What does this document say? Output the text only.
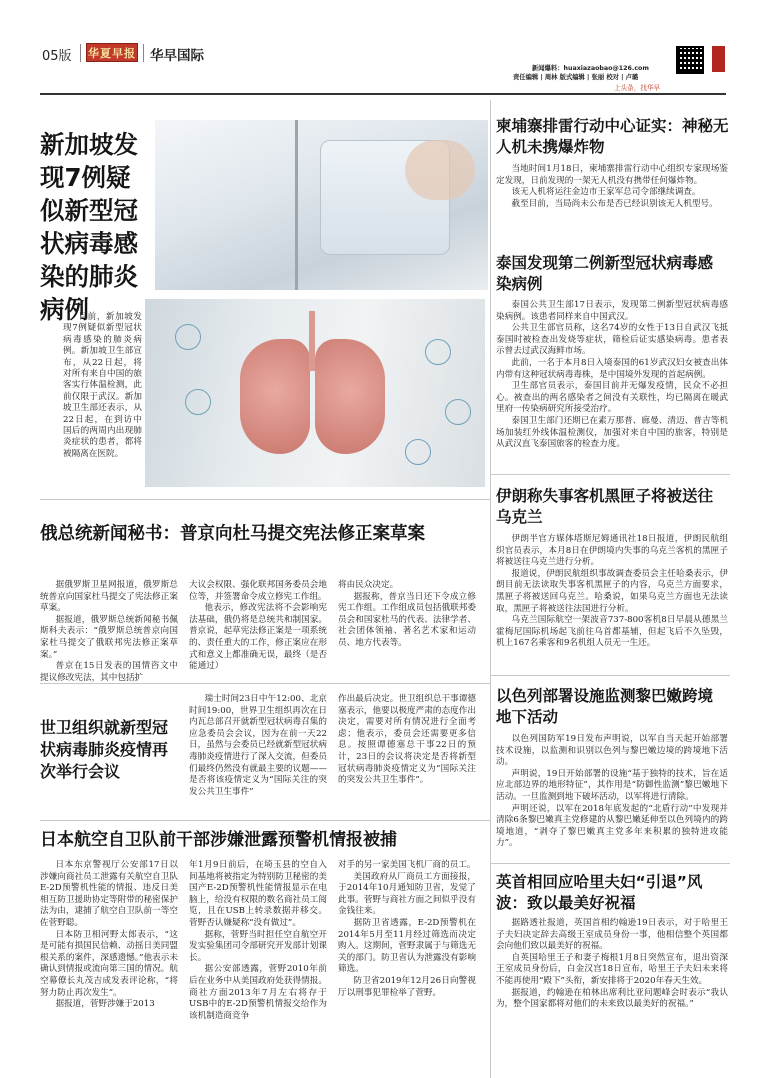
05版 华夏早报 华早国际
新闻爆料：huaxiazaobao@126.com
责任编辑 | 周林 版式编辑 | 张丽 校对 | 卢璐
上头条，找华早
新加坡发现7例疑似新型冠状病毒感染的肺炎病例

目前，新加坡发现7例疑似新型冠状病毒感染的肺炎病例。新加坡卫生部宣布，从22日起，将对所有来自中国的旅客实行体温检测，此前仅限于武汉。新加坡卫生部还表示，从22日起，在到访中国后的两周内出现肺炎症状的患者，都将被隔离在医院。

柬埔寨排雷行动中心证实：神秘无人机未携爆炸物

当地时间1月18日，柬埔寨排雷行动中心组织专家现场鉴定发现，日前发现的一架无人机没有携带任何爆炸物。

该无人机将运往金边市王家军总司令部继续调查。

截至目前，当局尚未公布是否已经识别该无人机型号。

泰国发现第二例新型冠状病毒感染病例

泰国公共卫生部17日表示，发现第二例新型冠状病毒感染病例。该患者同样来自中国武汉。

公共卫生部官员称，这名74岁的女性于13日自武汉飞抵泰国时被检查出发烧等症状，筛检后证实感染病毒。患者表示曾去过武汉海鲜市场。

此前，一名于本月8日入境泰国的61岁武汉妇女被查出体内带有这种冠状病毒毒株，是中国境外发现的首起病例。

卫生部官员表示，泰国目前并无爆发疫情，民众不必担心。被查出的两名感染者之间没有关联性，均已隔离在暖武里府一传染病研究所接受治疗。

泰国卫生部门还期已在素万那普、廊曼、清迈、普吉等机场加装红外线体温检测仪，加强对来自中国的旅客，特别是从武汉直飞泰国旅客的检查力度。

俄总统新闻秘书：普京向杜马提交宪法修正案草案

据俄罗斯卫星网报道，俄罗斯总统普京向国家杜马提交了宪法修正案草案。

据报道，俄罗斯总统新闻秘书佩斯科夫表示：“俄罗斯总统普京向国家杜马提交了俄联邦宪法修正案草案。”

普京在15日发表的国情咨文中提议修改宪法，其中包括扩

大议会权限、强化联邦国务委员会地位等，并签署命令成立修宪工作组。

他表示，修改宪法将不会影响宪法基础，俄仍将是总统共和制国家。普京说，起草宪法修正案是一项系统的、责任重大的工作，修正案应在形式和意义上都准确无误，最终（是否能通过）

将由民众决定。

据报称，普京当日还下令成立修宪工作组。工作组成员包括俄联邦委员会和国家杜马的代表、法律学者、社会团体领袖、著名艺术家和运动员、地方代表等。

伊朗称失事客机黑匣子将被送往乌克兰

伊朗半官方媒体塔斯尼姆通讯社18日报道，伊朗民航组织官员表示，本月8日在伊朗境内失事的乌克兰客机的黑匣子将被送往乌克兰进行分析。

报道说，伊朗民航组织事故调查委员会主任哈桑表示，伊朗目前无法读取失事客机黑匣子的内容，乌克兰方面要求，黑匣子将被送回乌克兰。哈桑说，如果乌克兰方面也无法读取，黑匣子将被送往法国进行分析。

乌克兰国际航空一架波音737-800客机8日早晨从德黑兰霍梅尼国际机场起飞前往乌首都基辅，但起飞后不久坠毁，机上167名乘客和9名机组人员无一生还。

世卫组织就新型冠状病毒肺炎疫情再次举行会议

瑞士时间23日中午12:00、北京时间19:00，世界卫生组织再次在日内瓦总部召开就新型冠状病毒召集的应急委员会会议，因为在前一天22日，虽然与会委员已经就新型冠状病毒肺炎疫情进行了深入交流，但委员们最终仍然没有就最主要的议题——是否将该疫情定义为“国际关注的突发公共卫生事件”

作出最后决定。世卫组织总干事谭德塞表示，他要以极度严肃的态度作出决定，需要对所有情况进行全面考虑；他表示，委员会还需要更多信息。按照谭德塞总干事22日的预计，23日的会议将决定是否将新型冠状病毒肺炎疫情定义为“国际关注的突发公共卫生事件”。

以色列部署设施监测黎巴嫩跨境地下活动

以色列国防军19日发布声明说，以军自当天起开始部署技术设施，以监测和识别以色列与黎巴嫩边境的跨境地下活动。

声明说，19日开始部署的设施“基于独特的技术，旨在适应北部边界的地形特征”，其作用是“防御性监测”黎巴嫩地下活动。一旦监测到地下破坏活动，以军将进行清除。

声明还说，以军在2018年底发起的“北盾行动”中发现并清除6条黎巴嫩真主党修建的从黎巴嫩延伸至以色列境内的跨境地道，“剥夺了黎巴嫩真主党多年来积累的独特进攻能力”。

日本航空自卫队前干部涉嫌泄露预警机情报被捕

日本东京警视厅公安部17日以涉嫌向商社员工泄露有关航空自卫队E-2D预警机性能的情报、违反日美相互防卫援助协定等附带的秘密保护法为由，逮捕了航空自卫队前一等空佐菅野聪。

日本防卫相河野太郎表示，“这是可能有损国民信赖、动摇日美同盟根关系的案件，深感遗憾。”他表示未确认到情报或流向第三国的情况。航空幕僚长丸茂吉成发表评论称，“将努力防止再次发生”。

据报道，菅野涉嫌于2013

年1月9日前后，在埼玉县的空自入间基地将被指定为特别防卫秘密的美国产E-2D预警机性能情报显示在电脑上，给没有权限的数名商社员工阅览，且在USB上转录数据并移交。菅野否认嫌疑称“没有做过”。

据称，菅野当时担任空自航空开发实验集团司令部研究开发部计划课长。

据公安部透露，菅野2010年前后在业务中从美国政府处获得情报。商社方面2013年7月左右将存于USB中的E-2D预警机情报交给作为该机制造商竞争

对手的另一家美国飞机厂商的员工。

美国政府从厂商员工方面接报，于2014年10月通知防卫省，发觉了此事。菅野与商社方面之间似乎没有金钱往来。

据防卫省透露，E-2D预警机在2014年5月至11月经过筛选而决定购入。这期间，菅野隶属于与筛选无关的部门。防卫省认为泄露没有影响筛选。

防卫省2019年12月26日向警视厅以刑事犯罪检举了菅野。

英首相回应哈里夫妇“引退”风波：致以最美好祝福

据路透社报道，英国首相约翰逊19日表示，对于哈里王子夫妇决定辞去高级王室成员身份一事，他相信整个英国都会向他们致以最美好的祝福。

自英国哈里王子和妻子梅根1月8日突然宣布，退出资深王室成员身份后，白金汉宫18日宣布，哈里王子夫妇未来将不能再使用“殿下”头衔，新安排将于2020年春天生效。

据报道，约翰逊在柏林出席利比亚问题峰会时表示“我认为，整个国家都将对他们的未来致以最美好的祝福。”
